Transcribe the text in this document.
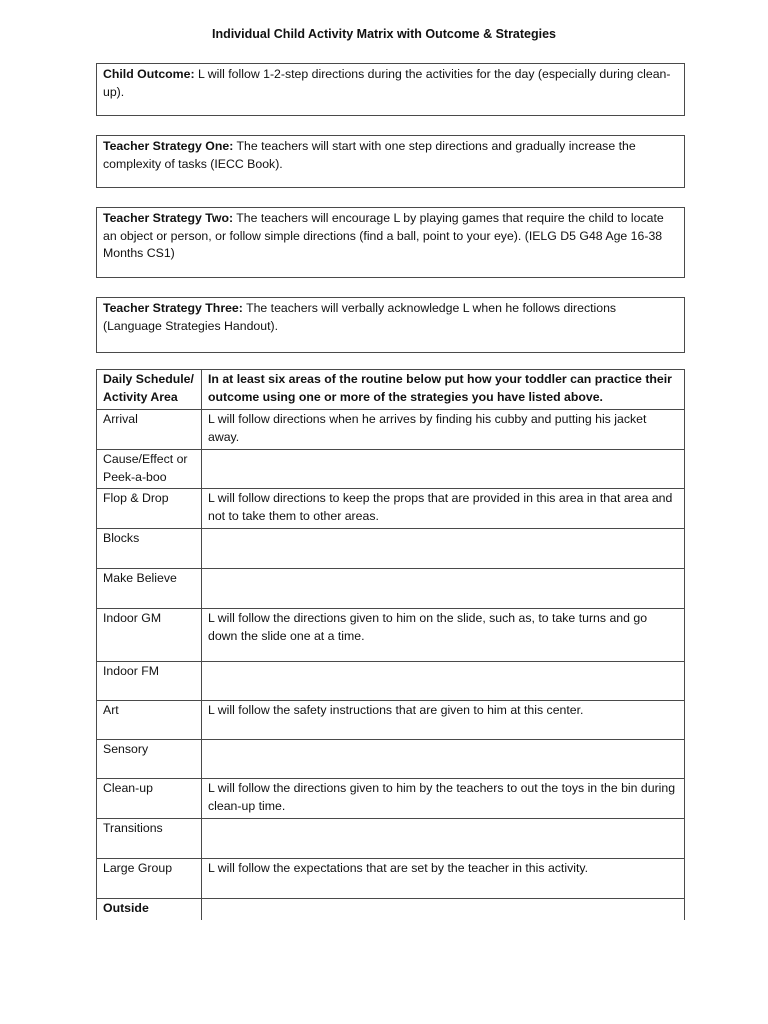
Individual Child Activity Matrix with Outcome & Strategies
Child Outcome: L will follow 1-2-step directions during the activities for the day (especially during clean-up).
Teacher Strategy One: The teachers will start with one step directions and gradually increase the complexity of tasks (IECC Book).
Teacher Strategy Two: The teachers will encourage L by playing games that require the child to locate an object or person, or follow simple directions (find a ball, point to your eye). (IELG D5 G48 Age 16-38 Months CS1)
Teacher Strategy Three: The teachers will verbally acknowledge L when he follows directions (Language Strategies Handout).
Daily Schedule/ Activity Area	In at least six areas of the routine below put how your toddler can practice their outcome using one or more of the strategies you have listed above.
Arrival	L will follow directions when he arrives by finding his cubby and putting his jacket away.
Cause/Effect or Peek-a-boo	
Flop & Drop	L will follow directions to keep the props that are provided in this area in that area and not to take them to other areas.
Blocks	
Make Believe	
Indoor GM	L will follow the directions given to him on the slide, such as, to take turns and go down the slide one at a time.
Indoor FM	
Art	L will follow the safety instructions that are given to him at this center.
Sensory	
Clean-up	L will follow the directions given to him by the teachers to out the toys in the bin during clean-up time.
Transitions	
Large Group	L will follow the expectations that are set by the teacher in this activity.
Outside	
